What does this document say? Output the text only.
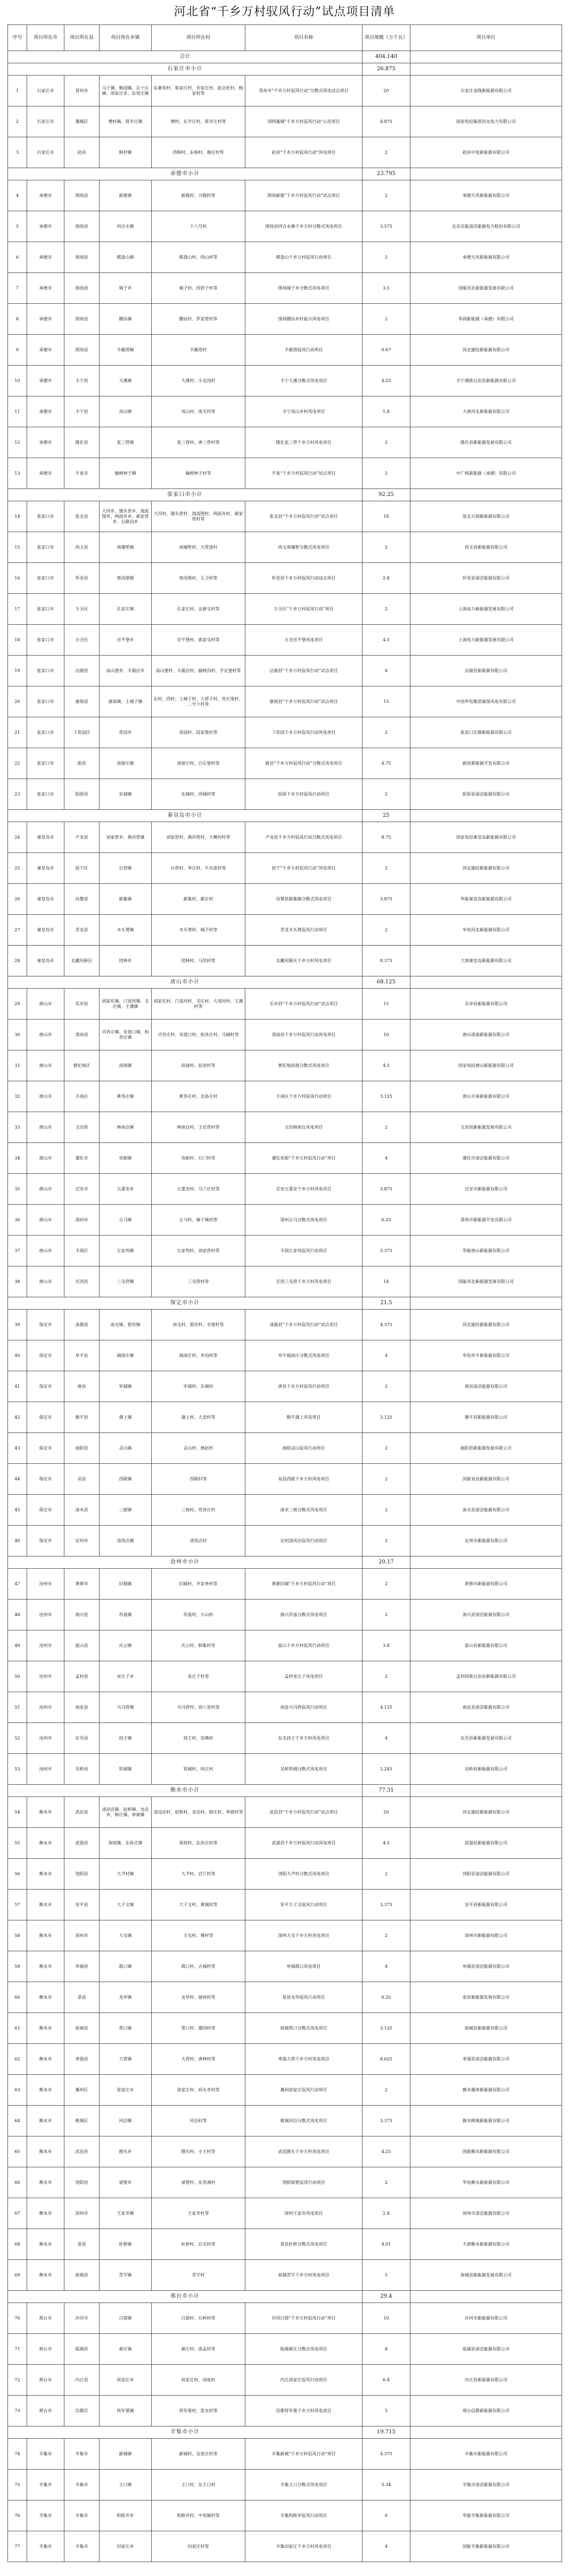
河北省“千乡万村驭风行动”试点项目清单
序号	项目所在市	项目所在县	项目所在乡镇	项目所在村	项目名称	项目规模（万千瓦）	项目单位
合计						404.140	
石家庄市小计						26.875	
1	石家庄市	晋州市	马于镇、桃园镇、总十庄镇、周家庄乡、东里庄镇	东寨里村、崔家庄村、乔家庄村、赵北旺村、杨家村等	晋州市“千乡万村驭风行动”分散式风电试点项目	20	石家庄金隆新能源有限公司
2	石家庄市	藁城区	增村镇、贾市庄镇	增村、东辛庄村、贾市庄村等	国网藁城“千乡万村驭风行动”示范项目	4.875	国家电投集团河北电力有限公司
3	石家庄市	赵县	韩村镇	西韩村、东韩村、谢庄村等	赵县“千乡万村驭风行动”风电项目	2	赵县中电新能源有限公司
承德市小计						23.795	
4	承德市	围场县	新拨镇	新拨村、兴隆村等	围场新拨“千乡万村驭风行动”试点项目	2	承德天风新能源有限公司
5	承德市	围场县	四合永镇	十八号村	围场县四合永镇千乡万村分散式风电项目	3.575	北京京能清洁能源电力股份有限公司
6	承德市	围场县	棋盘山镇	棋盘山村、西山村等	棋盘山千乡万村驭风行动项目	2	承德天风新能源有限公司
7	承德市	围场县	城子乡	城子村、西营子村等	围场城子乡分散式风电项目	3.5	国能河北新能源发展有限公司
8	承德市	围场县	腰站镇	腰站村、罗家营村等	围场腰站乡村振兴风电项目	2	华润新能源（承德）有限公司
9	承德市	围场县	半截塔镇	半截塔村	半截塔驭风行动项目	0.67	河北建投新能源有限公司
10	承德市	丰宁县	大滩镇	大滩村、小北沟村	丰宁大滩分散式风电项目	4.25	丰宁满族自治县新能源有限公司
11	承德市	丰宁县	凤山镇	凤山村、南关村等	丰宁凤山乡村风电项目	1.8	大唐河北新能源有限公司
12	承德市	隆化县	张三营镇	张三营村、唐三营村等	隆化张三营千乡万村风电项目	2	隆化县新能源发展有限公司
13	承德市	平泉市	榆树林子镇	榆树林子村等	平泉“千乡万村驭风行动”试点项目	2	中广核新能源（承德）有限公司
张家口市小计						92.25	
14	张家口市	张北县	大河乡、馒头营乡、海流图乡、两面井乡、郝家营乡、台路沟乡	大河村、馒头营村、海流图村、两面井村、郝家营村等	张北县“千乡万村驭风行动”试点项目	18	张北天润新能源有限公司
15	张家口市	尚义县	南壕堑镇	南壕堑村、大营盘村	尚义南壕堑分散式风电项目	2	尚义县新能源有限公司
16	张家口市	怀安县	柴沟堡镇	柴沟堡村、左卫村等	怀安县千乡万村驭风行动试点项目	2.8	怀安县清洁能源有限公司
17	张家口市	万全区	孔家庄镇	孔家庄村、北新屯村等	万全区“千乡万村驭风行动”项目	2	上海电力新能源发展有限公司
18	张家口市	万全区	宣平堡乡	宣平堡村、郭家屯村等	万全宣平堡风电项目	4.5	上海电力新能源发展有限公司
19	张家口市	沽源县	高山堡乡、丰源店乡	高山堡村、丰源店村、榆树沟村、平定堡村等	沽源县“千乡万村驭风行动”试点项目	6	沽源县新能源有限公司
20	张家口市	康保县	康保镇、土城子镇	东村、西村、土城子村、大营子村、处长地村、二号卜村等	康保县“千乡万村驭风行动”试点项目	15	中国华电集团康保风电有限公司
21	张家口市	下花园区	花园乡	花园村、段家堡村等	下花园千乡万村驭风行动风电项目	2	张家口宏源新能源有限公司
22	张家口市	蔚县	南留庄镇	南留庄村、白后堡村等	蔚县“千乡万村驭风行动”分散式风电项目	4.75	蔚县新能源开发有限公司
23	张家口市	阳原县	东城镇	东城村、西城村等	阳原千乡万村驭风行动项目	2	阳原县清洁能源有限公司
秦皇岛市小计						25	
24	秦皇岛市	卢龙县	刘家营乡、燕河营镇	刘家营村、燕河营村、大横河村等	卢龙县千乡万村驭风行动分散式风电项目	8.75	国家电投秦皇岛新能源有限公司
25	秦皇岛市	抚宁区	台营镇	台营村、李庄村、牛头崖村等	抚宁“千乡万村驭风行动”风电项目	2	河北建投新能源有限公司
26	秦皇岛市	昌黎县	新集镇	新集村、新庄村	昌黎县新集镇分散式风电项目	3.875	华能秦皇岛新能源有限公司
27	秦皇岛市	青龙县	木头凳镇	木头凳村、城子村等	青龙木头凳驭风行动项目	2	华电河北新能源有限公司
28	秦皇岛市	北戴河新区	团林乡	团林村、马坊村等	北戴河新区千乡万村风电项目	8.375	大唐秦皇岛新能源有限公司
唐山市小计						68.125	
29	唐山市	乐亭县	胡家坨镇、汀流河镇、毛庄镇、王滩镇	胡家坨村、汀流河村、毛庄村、大清河村、王滩村等	乐亭县“千乡万村驭风行动”试点项目	15	乐亭县新能源有限公司
30	唐山市	滦南县	司各庄镇、宋道口镇、柏各庄镇	司各庄村、宋道口村、柏各庄村、马城村等	滦南县千乡万村驭风行动风电项目	10	唐山滦南新能源有限公司
31	唐山市	曹妃甸区	滨海镇	滨海村、前进村等	曹妃甸滨海分散式风电项目	4.5	国家电投唐山新能源有限公司
32	唐山市	丰南区	黄各庄镇	黄各庄村、北孙庄村	丰南区千乡万村驭风行动项目	3.125	唐山丰南新能源有限公司
33	唐山市	玉田县	林南仓镇	林南仓村、王官营村等	玉田林南仓风电项目	2	玉田县新能源发展有限公司
34	唐山市	遵化市	党峪镇	党峪村、石门村等	遵化党峪“千乡万村驭风行动”项目	4	遵化市清洁能源有限公司
35	唐山市	迁安市	五重安乡	五重安村、马兰庄村等	迁安五重安千乡万村风电项目	3.875	迁安市新能源有限公司
36	唐山市	滦州市	古马镇	古马村、榛子镇村等	滦州古马分散式风电项目	6.25	滦州市新能源开发有限公司
37	唐山市	丰润区	左家坞镇	左家坞村、刘家营村等	丰润左家坞驭风行动项目	5.375	华能唐山新能源有限公司
38	唐山市	迁西县	三屯营镇	三屯营村等	迁西三屯营千乡万村风电项目	14	国能河北新能源发展有限公司
保定市小计						21.5	
39	保定市	涞源县	南屯镇、银坊镇	南屯村、银坊村、水堡村等	涞源县“千乡万村驭风行动”试点项目	4.375	河北建投新能源有限公司
40	保定市	阜平县	城南庄镇	城南庄村、井沟村等	阜平城南庄分散式风电项目	4	华电阜平新能源有限公司
41	保定市	唐县	军城镇	军城村、东城村	唐县千乡万村驭风行动项目	2	唐县清洁能源有限公司
42	保定市	顺平县	蒲上镇	蒲上村、大悲村等	顺平蒲上风电项目	3.125	顺平县新能源有限公司
43	保定市	曲阳县	灵山镇	灵山村、燕赵村	曲阳灵山驭风行动项目	2	曲阳县新能源发展有限公司
44	保定市	易县	西陵镇	西陵村等	易县西陵千乡万村风电项目	2	国能易县新能源有限公司
45	保定市	涞水县	三坡镇	三坡村、苟各庄村	涞水三坡分散式风电项目	2	涞水县清洁能源有限公司
46	保定市	定州市	清风店镇	清风店村	定州清风店驭风行动项目	2	定州市新能源有限公司
沧州市小计						20.17	
47	沧州市	黄骅市	旧城镇	旧城村、齐家务村等	黄骅旧城“千乡万村驭风行动”项目	2	黄骅市新能源有限公司
48	沧州市	海兴县	苏基镇	苏基村、小山村	海兴苏基分散式风电项目	2	海兴县清洁能源有限公司
49	沧州市	盐山县	庆云镇	庆云村、韩集村等	盐山千乡万村驭风行动项目	3.8	盐山县新能源有限公司
50	沧州市	孟村县	宋庄子乡	宋庄子村等	孟村宋庄子风电项目	2	孟村回族自治县新能源有限公司
51	沧州市	南皮县	乌马营镇	乌马营村、刘八里村等	南皮乌马营驭风行动项目	4.125	南皮县清洁能源有限公司
52	沧州市	东光县	找王镇	找王村、连镇村	东光找王千乡万村风电项目	4	东光县新能源发展有限公司
53	沧州市	吴桥县	铁城镇	铁城村、何庄村	吴桥铁城分散式风电项目	2.245	吴桥县新能源有限公司
衡水市小计						77.31	
54	衡水市	武邑县	清凉店镇、赵桥镇、龙店乡、韩庄镇、审坡镇	清凉店村、赵桥村、龙店村、韩庄村、审坡村等	武邑县“千乡万村驭风行动”试点项目	20	河北建投新能源有限公司
55	衡水市	武强县	周窝镇、东孙庄镇	周窝村、东孙庄村等	武强县千乡万村驭风行动风电项目	4.5	武强县新能源有限公司
56	衡水市	饶阳县	大尹村镇	大尹村、官厅村等	饶阳大尹村分散式风电项目	2	饶阳县清洁能源有限公司
57	衡水市	安平县	大子文镇	大子文村、黄城村等	安平大子文驭风行动项目	3.375	安平县新能源有限公司
58	衡水市	深州市	大屯镇	大屯村、穆村等	深州大屯千乡万村风电项目	2	深州市新能源有限公司
59	衡水市	阜城县	霞口镇	霞口村、古城村等	阜城霞口风电项目	4	阜城县清洁能源有限公司
60	衡水市	景县	龙华镇	龙华村、留府村等	景县龙华驭风行动项目	6.25	景县新能源发展有限公司
61	衡水市	故城县	郑口镇	郑口村、建国村等	故城郑口分散式风电项目	3.125	故城县新能源有限公司
62	衡水市	枣强县	大营镇	大营村、唐林村等	枣强大营千乡万村风电项目	8.625	枣强县清洁能源有限公司
63	衡水市	冀州区	徐家庄乡	徐家庄村、码头李村等	冀州徐家庄驭风行动项目	2	衡水冀州新能源有限公司
64	衡水市	桃城区	河沿镇	河沿村等	桃城河沿分散式风电项目	3.375	衡水桃城新能源有限公司
65	衡水市	武邑县	圈头乡	圈头村、小王村等	武邑圈头千乡万村风电项目	4.25	国能衡水新能源有限公司
66	衡水市	饶阳县	留楚乡	留楚村、东里满村	饶阳留楚驭风行动项目	2	华电衡水新能源有限公司
67	衡水市	深州市	王家井镇	王家井村等	深州王家井风电项目	2.8	深州市清洁能源有限公司
68	衡水市	景县	杜桥镇	杜桥村、后屯村等	景县杜桥分散式风电项目	4.01	大唐衡水新能源有限公司
69	衡水市	故城县	青罕镇	青罕村	故城青罕千乡万村风电项目	5	故城县新能源发展有限公司
邢台市小计						29.4	
70	邢台市	沙河市	白错镇	白错村、石岭村等	沙河白错“千乡万村驭风行动”项目	10	沙河市新能源有限公司
71	邢台市	临城县	郝庄镇	郝庄村、南孟村等	临城郝庄分散式风电项目	8	临城县清洁能源有限公司
72	邢台市	内丘县	侯家庄乡	侯家庄村、岗底村	内丘侯家庄驭风行动项目	6.4	内丘县新能源有限公司
73	邢台市	信都区	将军墓镇	将军墓村、浆水村等	信都将军墓千乡万村风电项目	5	邢台信都新能源有限公司
辛集市小计						19.715	
74	辛集市	辛集市	新城镇	新城村、北里庄村等	辛集新城“千乡万村驭风行动”项目	4.375	辛集市新能源有限公司
75	辛集市	辛集市	王口镇	王口村、东王口村	辛集王口分散式风电项目	5.34	辛集市清洁能源有限公司
76	辛集市	辛集市	和睦井乡	和睦井村、中里厢村等	辛集和睦井驭风行动项目	6	华能辛集新能源有限公司
77	辛集市	辛集市	田家庄乡	田家庄村等	辛集田家庄千乡万村风电项目	4	国能辛集新能源有限公司
